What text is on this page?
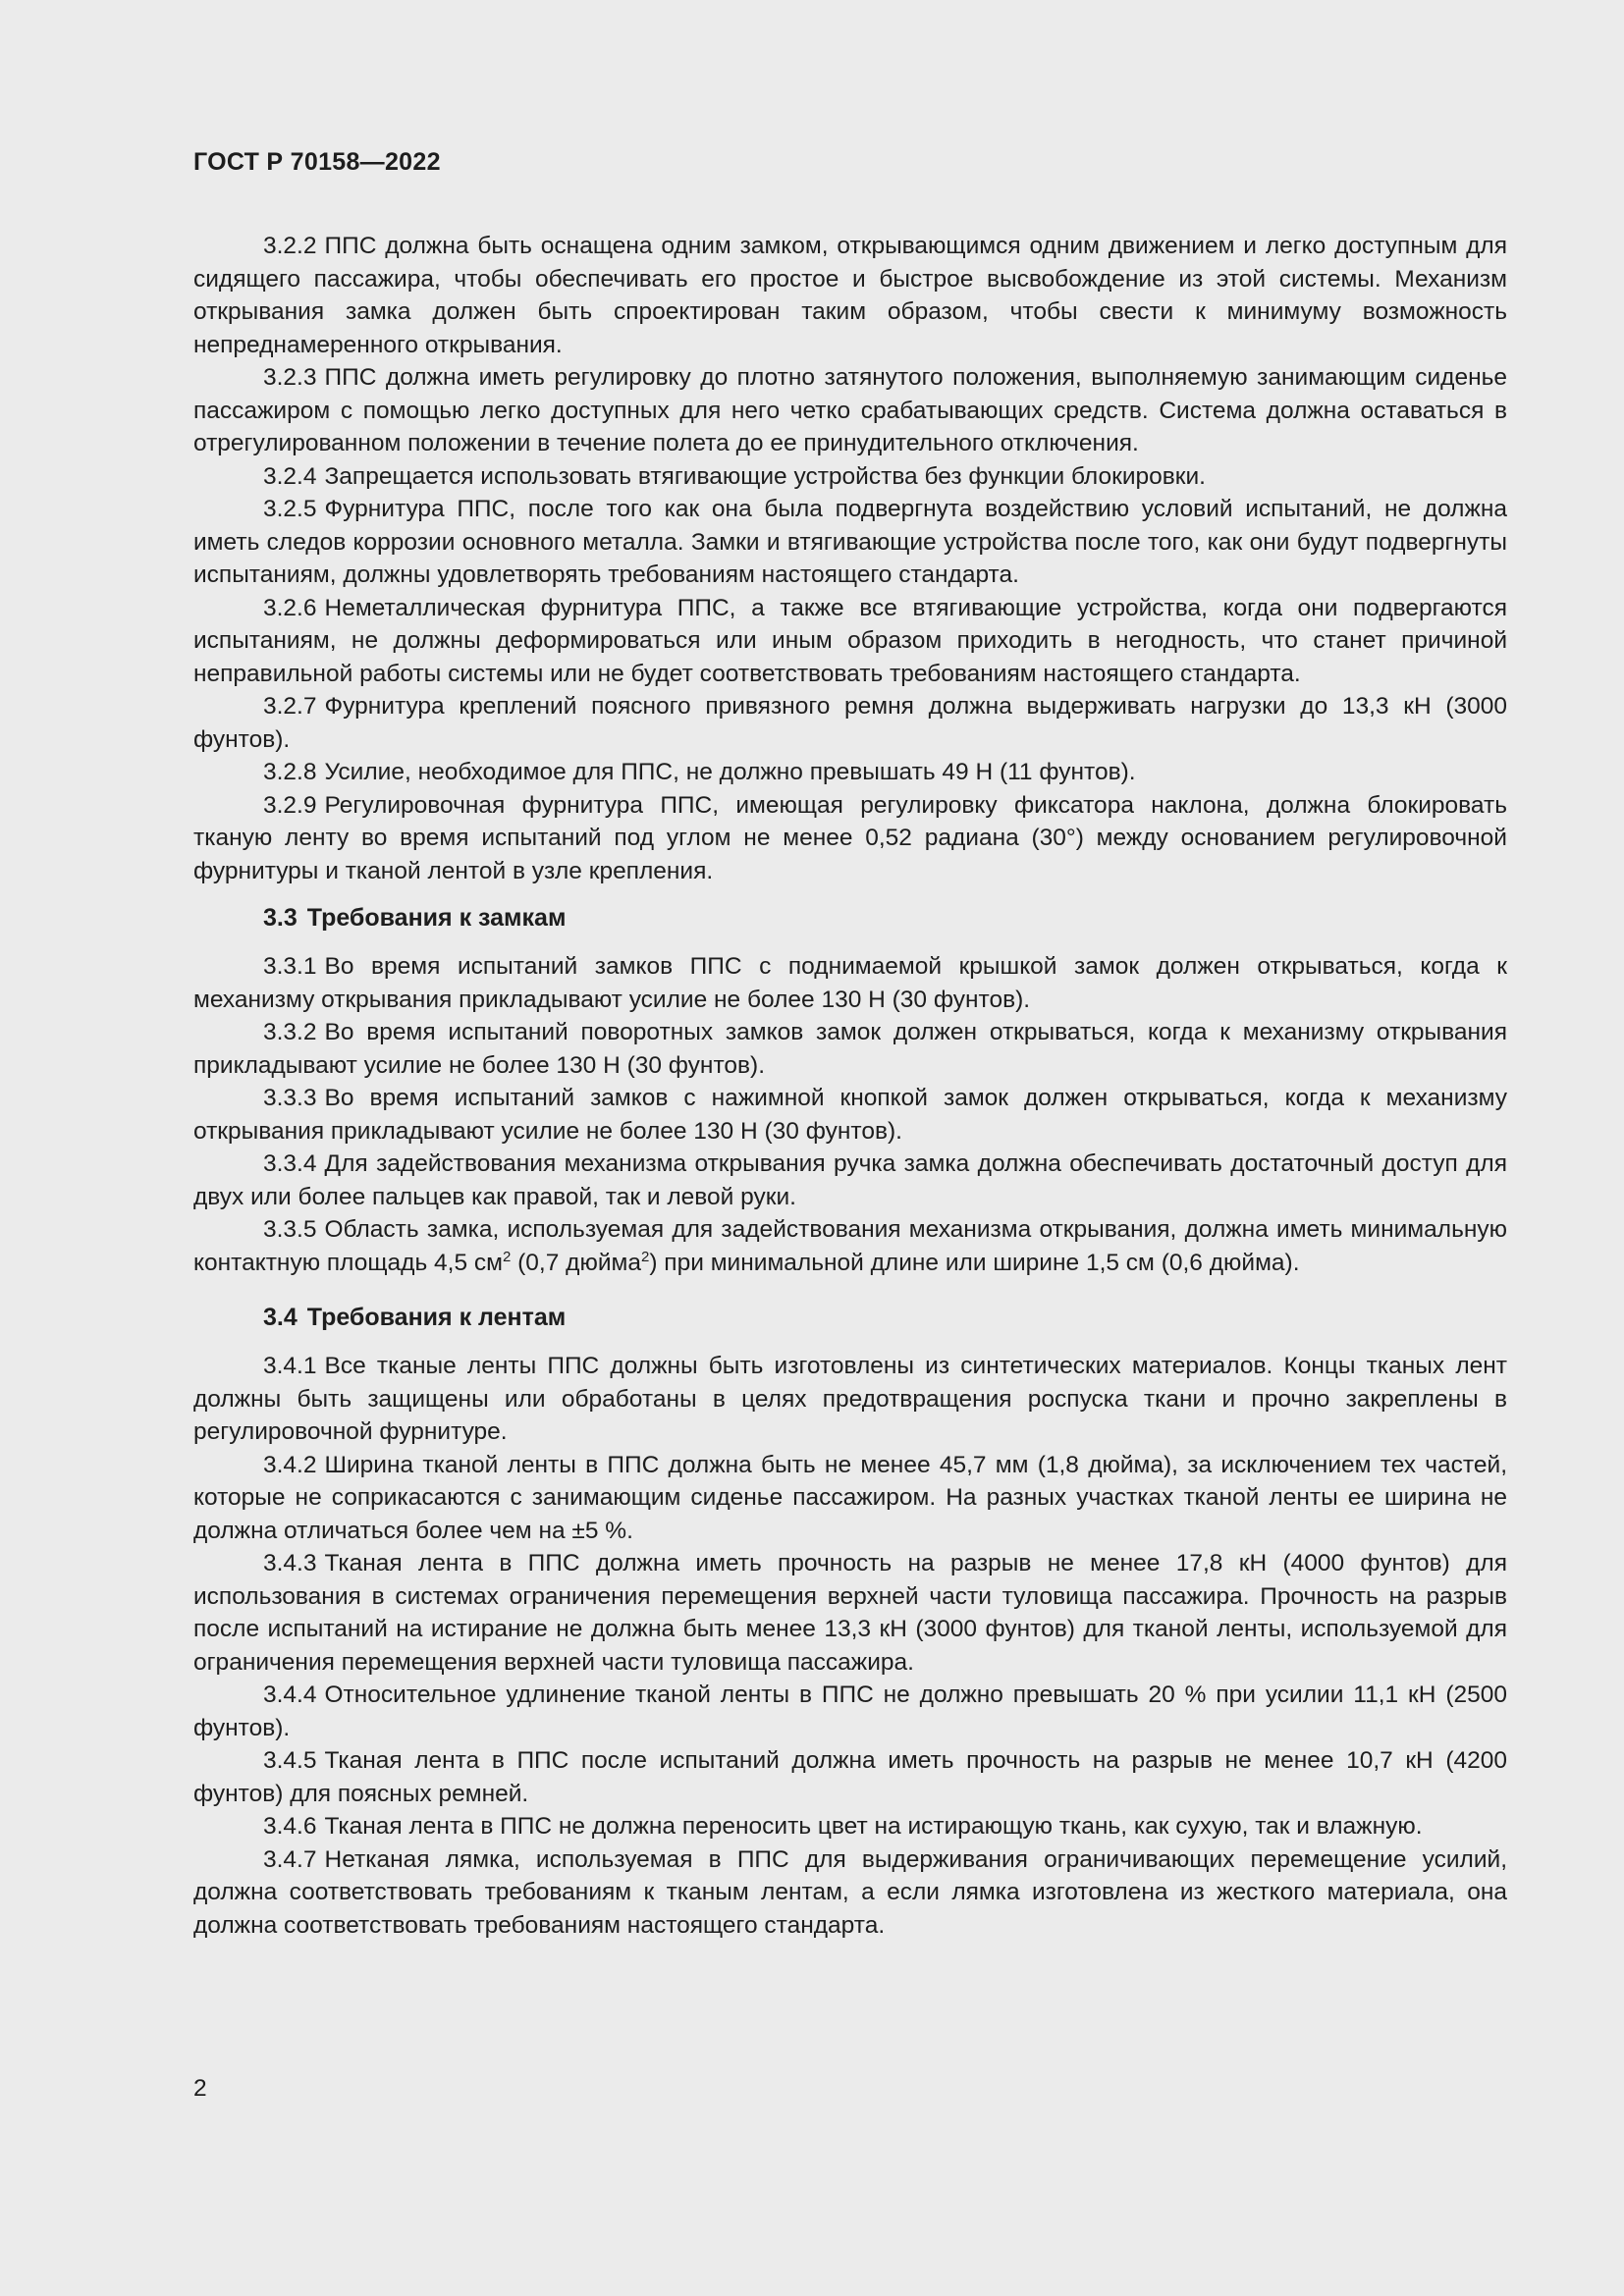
ГОСТ Р 70158—2022

3.2.2 ППС должна быть оснащена одним замком, открывающимся одним движением и легко доступным для сидящего пассажира, чтобы обеспечивать его простое и быстрое высвобождение из этой системы. Механизм открывания замка должен быть спроектирован таким образом, чтобы свести к минимуму возможность непреднамеренного открывания.

3.2.3 ППС должна иметь регулировку до плотно затянутого положения, выполняемую занимающим сиденье пассажиром с помощью легко доступных для него четко срабатывающих средств. Система должна оставаться в отрегулированном положении в течение полета до ее принудительного отключения.

3.2.4 Запрещается использовать втягивающие устройства без функции блокировки.

3.2.5 Фурнитура ППС, после того как она была подвергнута воздействию условий испытаний, не должна иметь следов коррозии основного металла. Замки и втягивающие устройства после того, как они будут подвергнуты испытаниям, должны удовлетворять требованиям настоящего стандарта.

3.2.6 Неметаллическая фурнитура ППС, а также все втягивающие устройства, когда они подвергаются испытаниям, не должны деформироваться или иным образом приходить в негодность, что станет причиной неправильной работы системы или не будет соответствовать требованиям настоящего стандарта.

3.2.7 Фурнитура креплений поясного привязного ремня должна выдерживать нагрузки до 13,3 кН (3000 фунтов).

3.2.8 Усилие, необходимое для ППС, не должно превышать 49 Н (11 фунтов).

3.2.9 Регулировочная фурнитура ППС, имеющая регулировку фиксатора наклона, должна блокировать тканую ленту во время испытаний под углом не менее 0,52 радиана (30°) между основанием регулировочной фурнитуры и тканой лентой в узле крепления.

3.3 Требования к замкам

3.3.1 Во время испытаний замков ППС с поднимаемой крышкой замок должен открываться, когда к механизму открывания прикладывают усилие не более 130 Н (30 фунтов).

3.3.2 Во время испытаний поворотных замков замок должен открываться, когда к механизму открывания прикладывают усилие не более 130 Н (30 фунтов).

3.3.3 Во время испытаний замков с нажимной кнопкой замок должен открываться, когда к механизму открывания прикладывают усилие не более 130 Н (30 фунтов).

3.3.4 Для задействования механизма открывания ручка замка должна обеспечивать достаточный доступ для двух или более пальцев как правой, так и левой руки.

3.3.5 Область замка, используемая для задействования механизма открывания, должна иметь минимальную контактную площадь 4,5 $см^2$ (0,7 дюйма$^2$) при минимальной длине или ширине 1,5 см (0,6 дюйма).

3.4 Требования к лентам

3.4.1 Все тканые ленты ППС должны быть изготовлены из синтетических материалов. Концы тканых лент должны быть защищены или обработаны в целях предотвращения роспуска ткани и прочно закреплены в регулировочной фурнитуре.

3.4.2 Ширина тканой ленты в ППС должна быть не менее 45,7 мм (1,8 дюйма), за исключением тех частей, которые не соприкасаются с занимающим сиденье пассажиром. На разных участках тканой ленты ее ширина не должна отличаться более чем на ±5 %.

3.4.3 Тканая лента в ППС должна иметь прочность на разрыв не менее 17,8 кН (4000 фунтов) для использования в системах ограничения перемещения верхней части туловища пассажира. Прочность на разрыв после испытаний на истирание не должна быть менее 13,3 кН (3000 фунтов) для тканой ленты, используемой для ограничения перемещения верхней части туловища пассажира.

3.4.4 Относительное удлинение тканой ленты в ППС не должно превышать 20 % при усилии 11,1 кН (2500 фунтов).

3.4.5 Тканая лента в ППС после испытаний должна иметь прочность на разрыв не менее 10,7 кН (4200 фунтов) для поясных ремней.

3.4.6 Тканая лента в ППС не должна переносить цвет на истирающую ткань, как сухую, так и влажную.

3.4.7 Нетканая лямка, используемая в ППС для выдерживания ограничивающих перемещение усилий, должна соответствовать требованиям к тканым лентам, а если лямка изготовлена из жесткого материала, она должна соответствовать требованиям настоящего стандарта.

2
